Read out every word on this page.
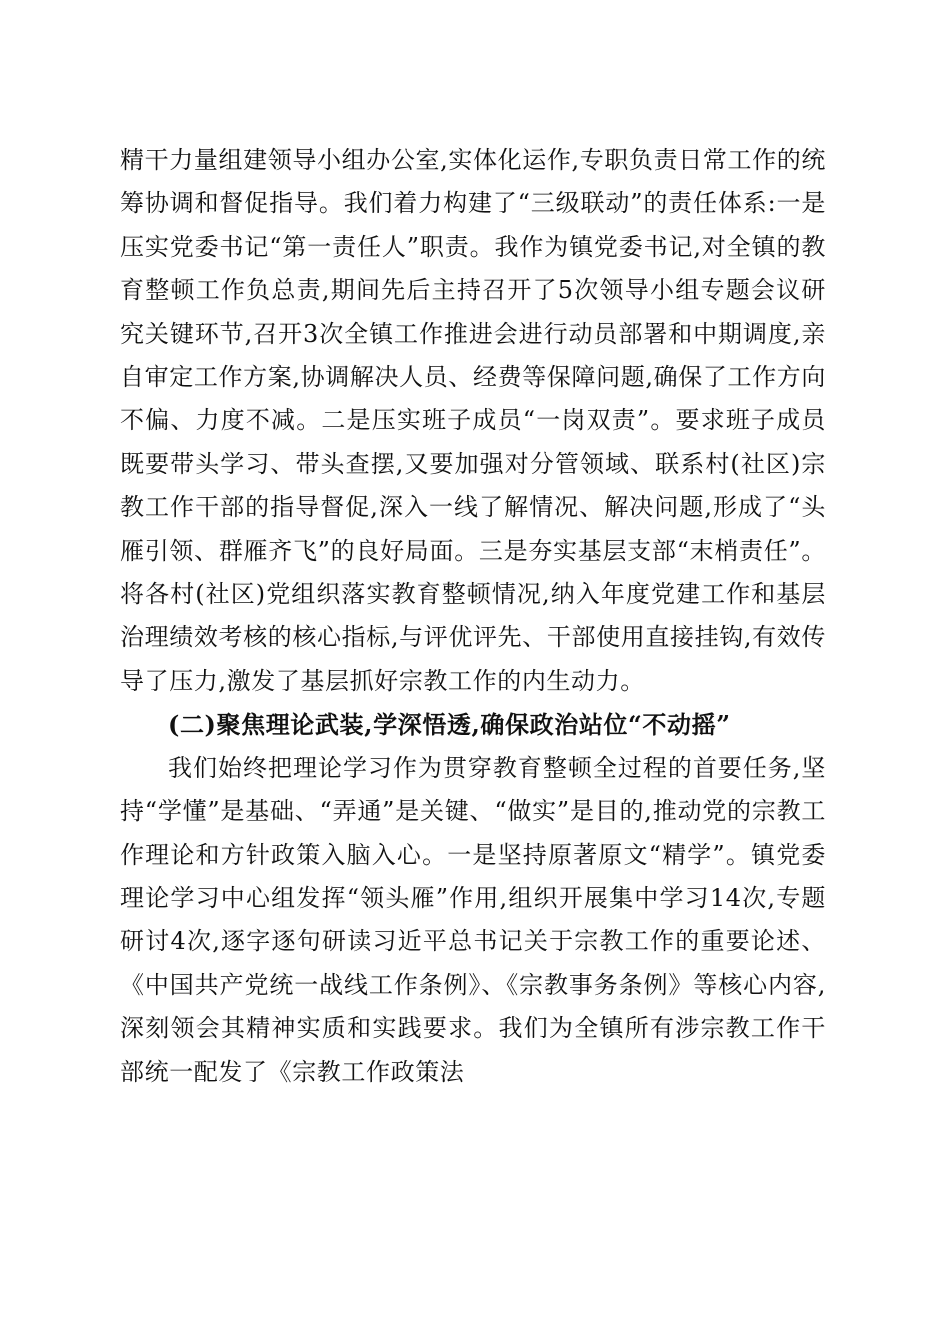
精干力量组建领导小组办公室,实体化运作,专职负责日常工作的统筹协调和督促指导。我们着力构建了“三级联动”的责任体系:一是压实党委书记“第一责任人”职责。我作为镇党委书记,对全镇的教育整顿工作负总责,期间先后主持召开了5次领导小组专题会议研究关键环节,召开3次全镇工作推进会进行动员部署和中期调度,亲自审定工作方案,协调解决人员、经费等保障问题,确保了工作方向不偏、力度不减。二是压实班子成员“一岗双责”。要求班子成员既要带头学习、带头查摆,又要加强对分管领域、联系村(社区)宗教工作干部的指导督促,深入一线了解情况、解决问题,形成了“头雁引领、群雁齐飞”的良好局面。三是夯实基层支部“末梢责任”。将各村(社区)党组织落实教育整顿情况,纳入年度党建工作和基层治理绩效考核的核心指标,与评优评先、干部使用直接挂钩,有效传导了压力,激发了基层抓好宗教工作的内生动力。

(二)聚焦理论武装,学深悟透,确保政治站位“不动摇”

我们始终把理论学习作为贯穿教育整顿全过程的首要任务,坚持“学懂”是基础、“弄通”是关键、“做实”是目的,推动党的宗教工作理论和方针政策入脑入心。一是坚持原著原文“精学”。镇党委理论学习中心组发挥“领头雁”作用,组织开展集中学习14次,专题研讨4次,逐字逐句研读习近平总书记关于宗教工作的重要论述、《中国共产党统一战线工作条例》、《宗教事务条例》等核心内容,深刻领会其精神实质和实践要求。我们为全镇所有涉宗教工作干部统一配发了《宗教工作政策法
